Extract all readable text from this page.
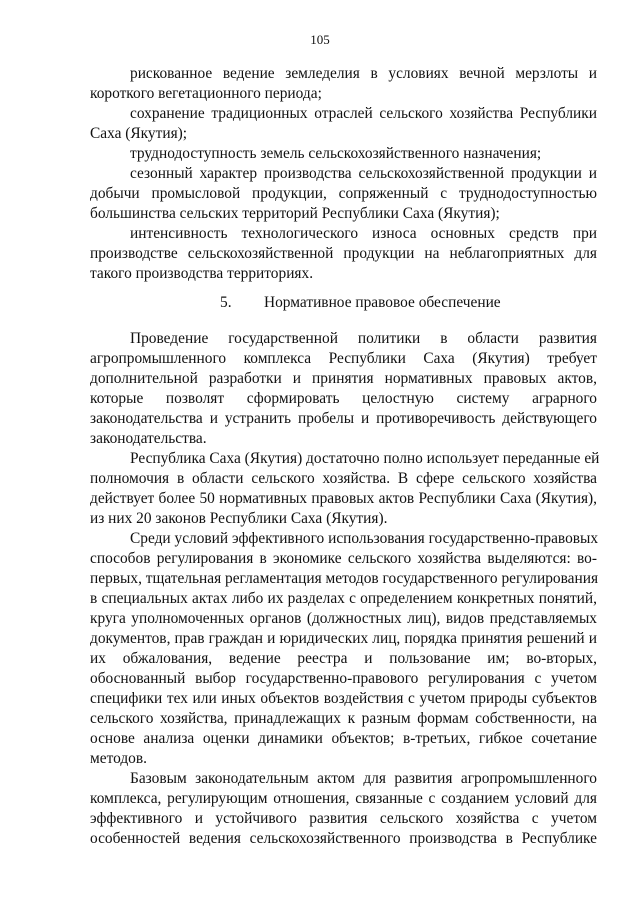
105
рискованное ведение земледелия в условиях вечной мерзлоты и
короткого вегетационного периода;
сохранение традиционных отраслей сельского хозяйства Республики
Саха (Якутия);
труднодоступность земель сельскохозяйственного назначения;
сезонный характер производства сельскохозяйственной продукции и
добычи промысловой продукции, сопряженный с труднодоступностью
большинства сельских территорий Республики Саха (Якутия);
интенсивность технологического износа основных средств при
производстве сельскохозяйственной продукции на неблагоприятных для
такого производства территориях.
5. Нормативное правовое обеспечение
Проведение государственной политики в области развития
агропромышленного комплекса Республики Саха (Якутия) требует
дополнительной разработки и принятия нормативных правовых актов,
которые позволят сформировать целостную систему аграрного
законодательства и устранить пробелы и противоречивость действующего
законодательства.
Республика Саха (Якутия) достаточно полно использует переданные ей
полномочия в области сельского хозяйства. В сфере сельского хозяйства
действует более 50 нормативных правовых актов Республики Саха (Якутия),
из них 20 законов Республики Саха (Якутия).
Среди условий эффективного использования государственно-правовых
способов регулирования в экономике сельского хозяйства выделяются: во-
первых, тщательная регламентация методов государственного регулирования
в специальных актах либо их разделах с определением конкретных понятий,
круга уполномоченных органов (должностных лиц), видов представляемых
документов, прав граждан и юридических лиц, порядка принятия решений и
их обжалования, ведение реестра и пользование им; во-вторых,
обоснованный выбор государственно-правового регулирования с учетом
специфики тех или иных объектов воздействия с учетом природы субъектов
сельского хозяйства, принадлежащих к разным формам собственности, на
основе анализа оценки динамики объектов; в-третьих, гибкое сочетание
методов.
Базовым законодательным актом для развития агропромышленного
комплекса, регулирующим отношения, связанные с созданием условий для
эффективного и устойчивого развития сельского хозяйства с учетом
особенностей ведения сельскохозяйственного производства в Республике
